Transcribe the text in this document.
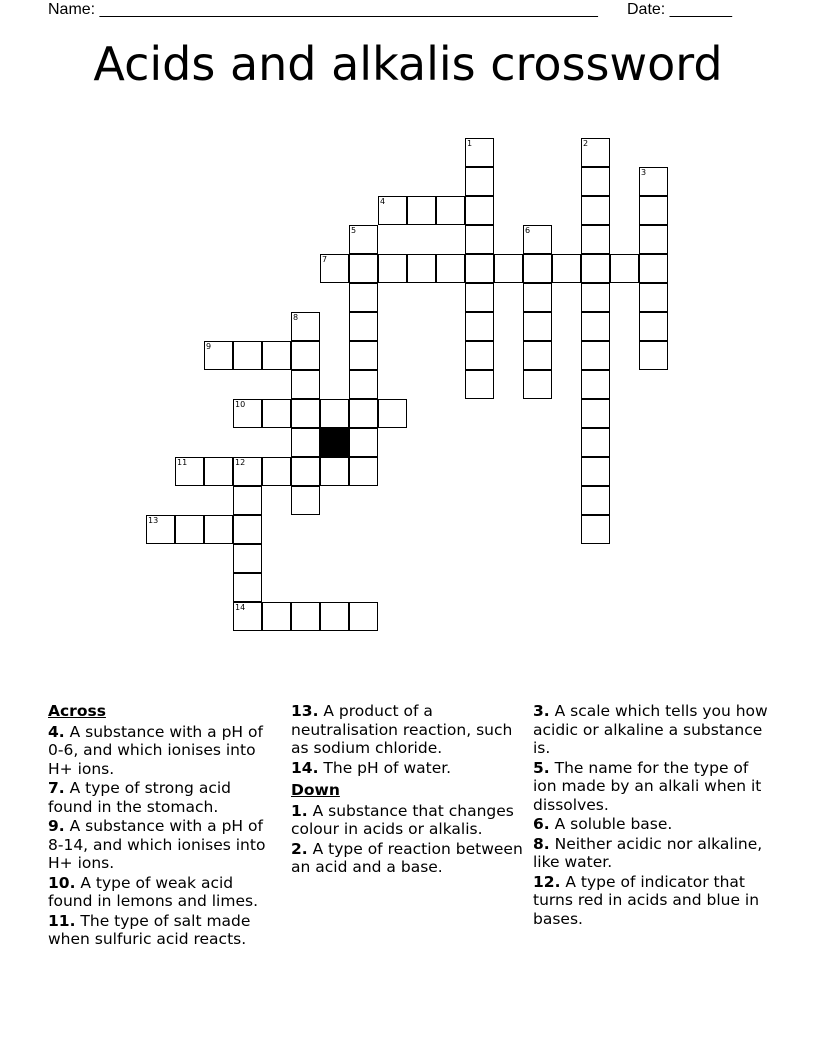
Name: ________________________________________________________ Date: _______
Acids and alkalis crossword
1	2
3
4
5	6
7
8
9
10
11	12
13
14
Across
4. A substance with a pH of 0-6, and which ionises into H+ ions.
7. A type of strong acid found in the stomach.
9. A substance with a pH of 8-14, and which ionises into H+ ions.
10. A type of weak acid found in lemons and limes.
11. The type of salt made when sulfuric acid reacts.
13. A product of a neutralisation reaction, such as sodium chloride.
14. The pH of water.
Down
1. A substance that changes colour in acids or alkalis.
2. A type of reaction between an acid and a base.
3. A scale which tells you how acidic or alkaline a substance is.
5. The name for the type of ion made by an alkali when it dissolves.
6. A soluble base.
8. Neither acidic nor alkaline, like water.
12. A type of indicator that turns red in acids and blue in bases.
